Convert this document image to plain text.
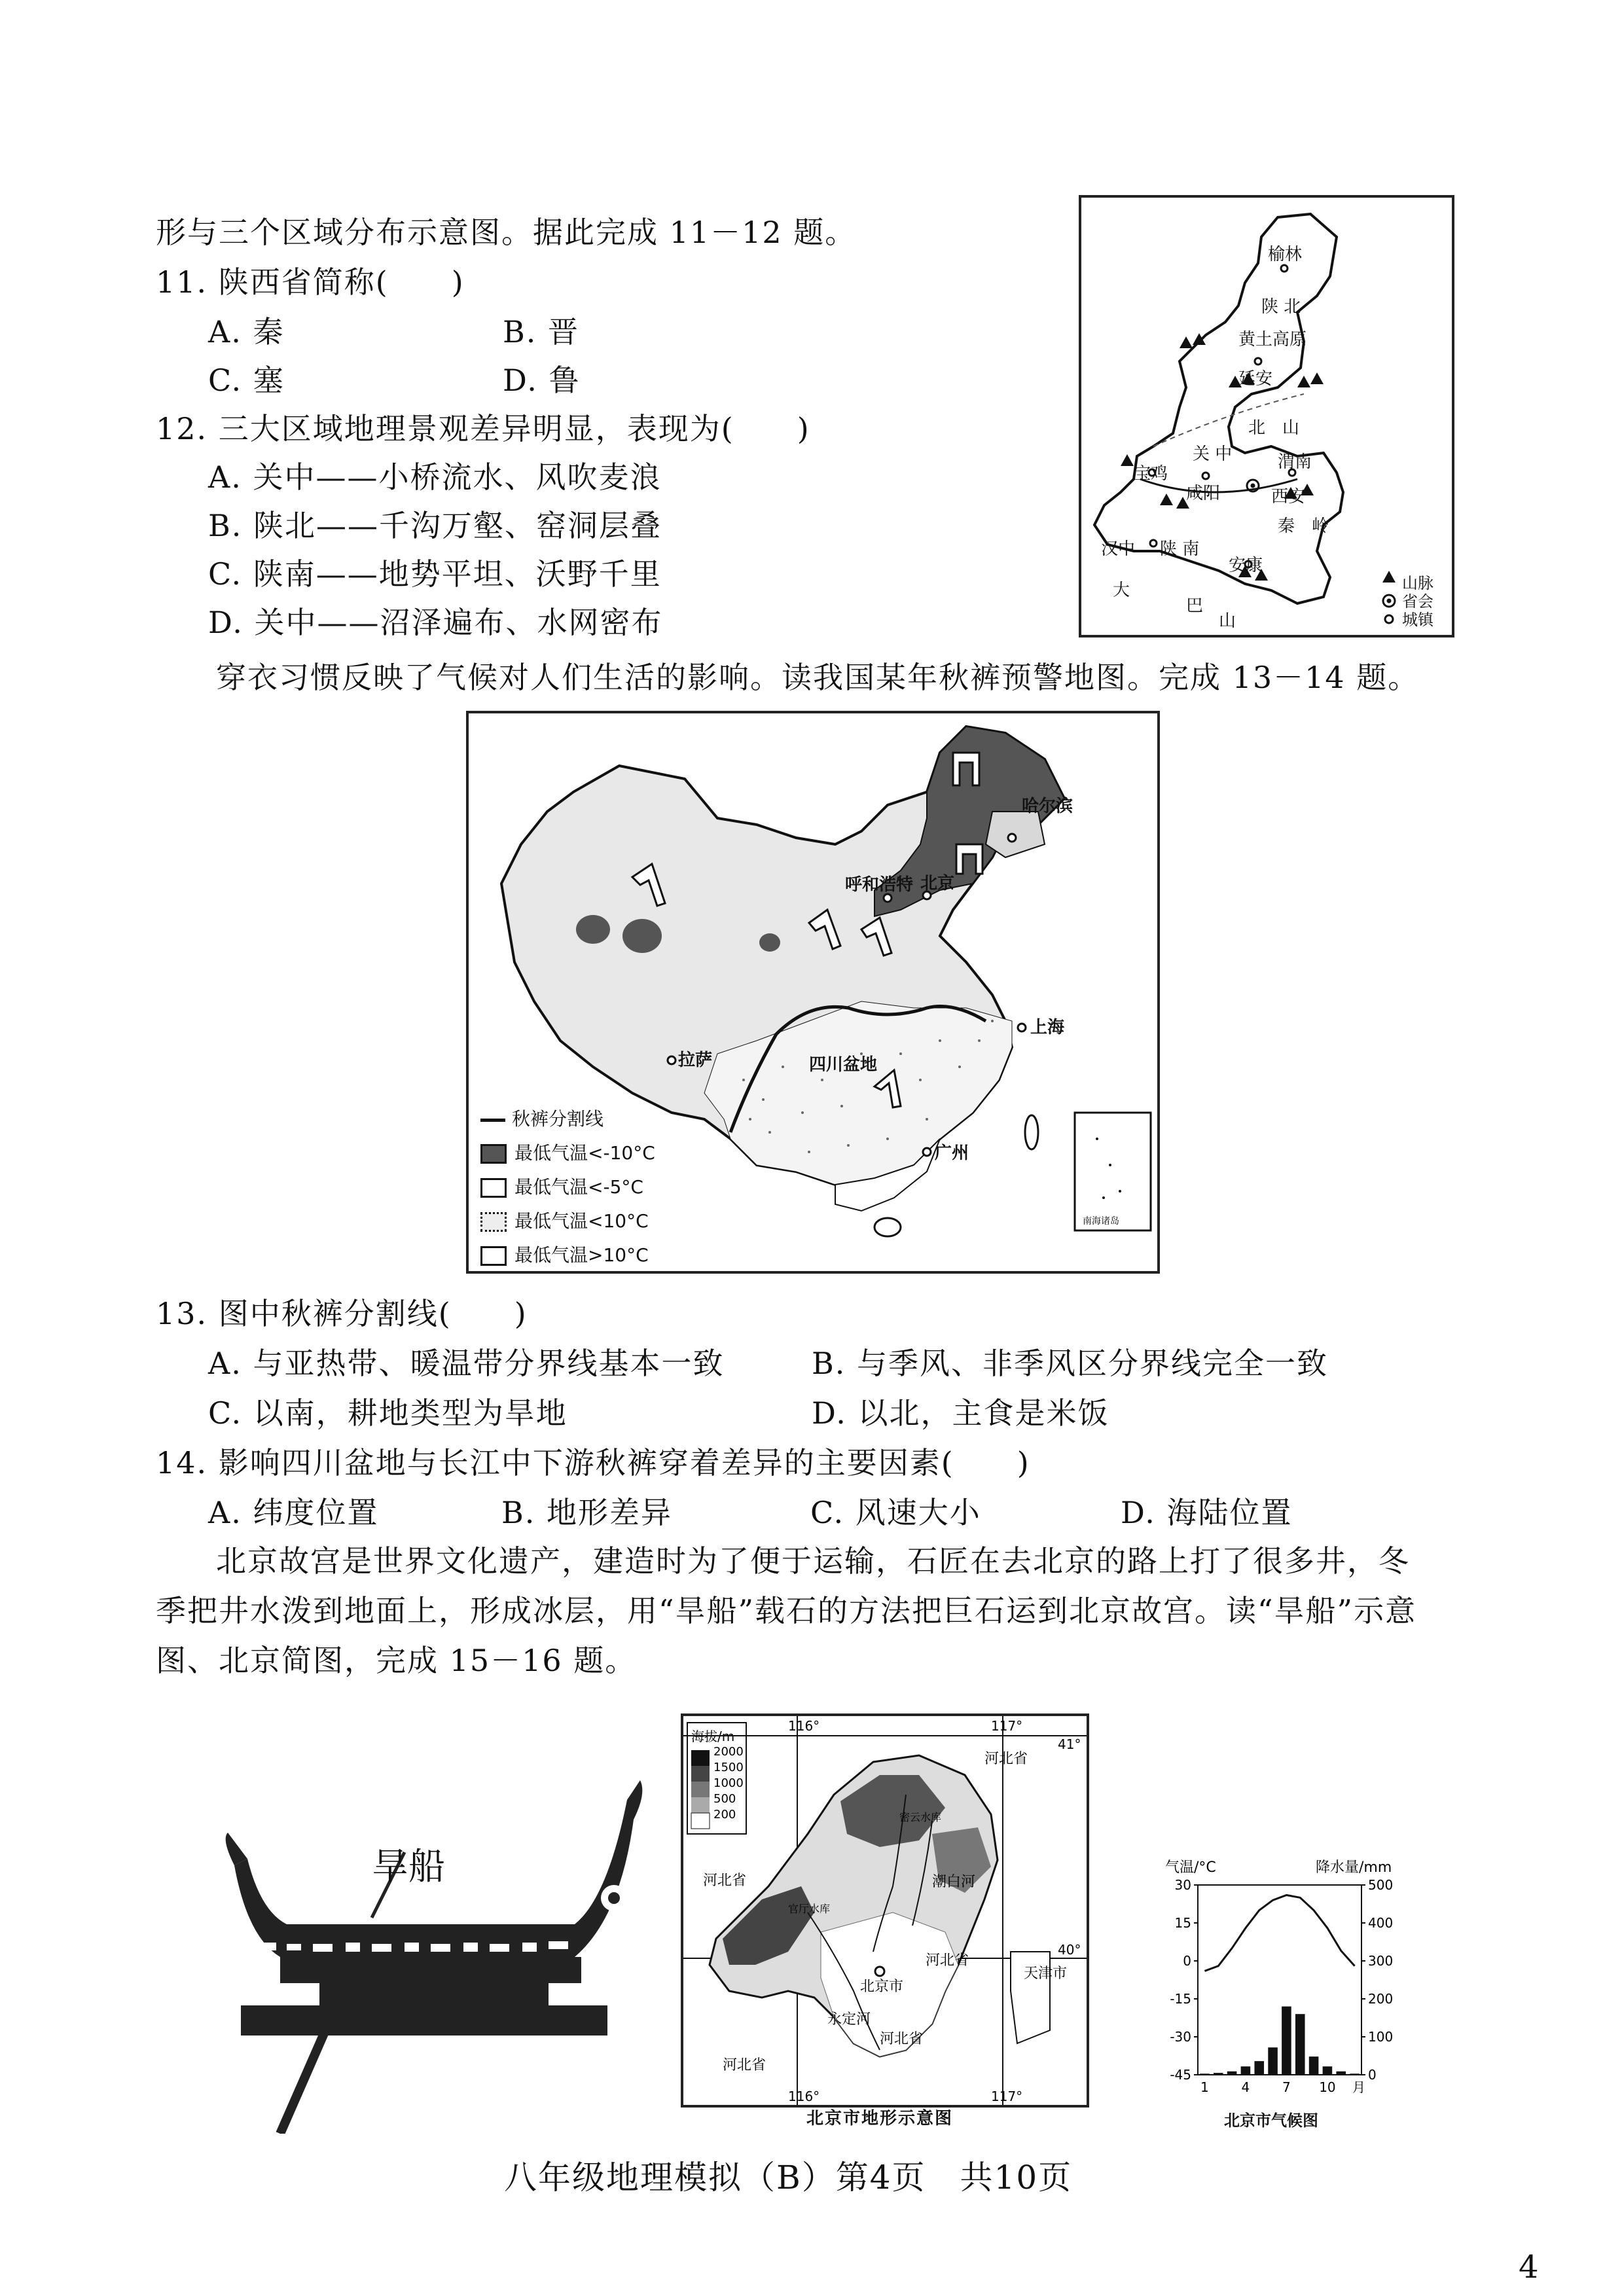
形与三个区域分布示意图。据此完成 11－12 题。
11. 陕西省简称(　　)
A. 秦	B. 晋
C. 塞	D. 鲁
12. 三大区域地理景观差异明显，表现为(　　)
A. 关中——小桥流水、风吹麦浪
B. 陕北——千沟万壑、窑洞层叠
C. 陕南——地势平坦、沃野千里
D. 关中——沼泽遍布、水网密布
榆林
陕 北
黄土高原
延安
北　山
宝鸡
关 中	渭南
咸阳	西安
秦　岭
汉中 陕 南
安康
大
巴
山
山脉
省会
城镇
穿衣习惯反映了气候对人们生活的影响。读我国某年秋裤预警地图。完成 13－14 题。
哈尔滨
呼和浩特 北京
拉萨	四川盆地
上海
广州
南海诸岛
秋裤分割线
最低气温<-10°C
最低气温<-5°C
最低气温<10°C
最低气温>10°C
13. 图中秋裤分割线(　　)
A. 与亚热带、暖温带分界线基本一致	B. 与季风、非季风区分界线完全一致
C. 以南，耕地类型为旱地	D. 以北，主食是米饭
14. 影响四川盆地与长江中下游秋裤穿着差异的主要因素(　　)
A. 纬度位置	B. 地形差异	C. 风速大小	D. 海陆位置
北京故宫是世界文化遗产，建造时为了便于运输，石匠在去北京的路上打了很多井，冬
季把井水泼到地面上，形成冰层，用“旱船”载石的方法把巨石运到北京故宫。读“旱船”示意
图、北京简图，完成 15－16 题。
旱船
海拔/m
2000
1500
1000
500
200
116°	117°
116°	117°
41°
40°
河北省
河北省
河北省
河北省
天津市
河北省
北京市
永定河
潮白河
密云水库
官厅水库
北京市地形示意图
气温/°C	降水量/mm
30
15
0
-15
-30
-45
500
400
300
200
100
0
1 4 7 10 月
北京市气候图
八年级地理模拟（B）第4页　共10页
4
